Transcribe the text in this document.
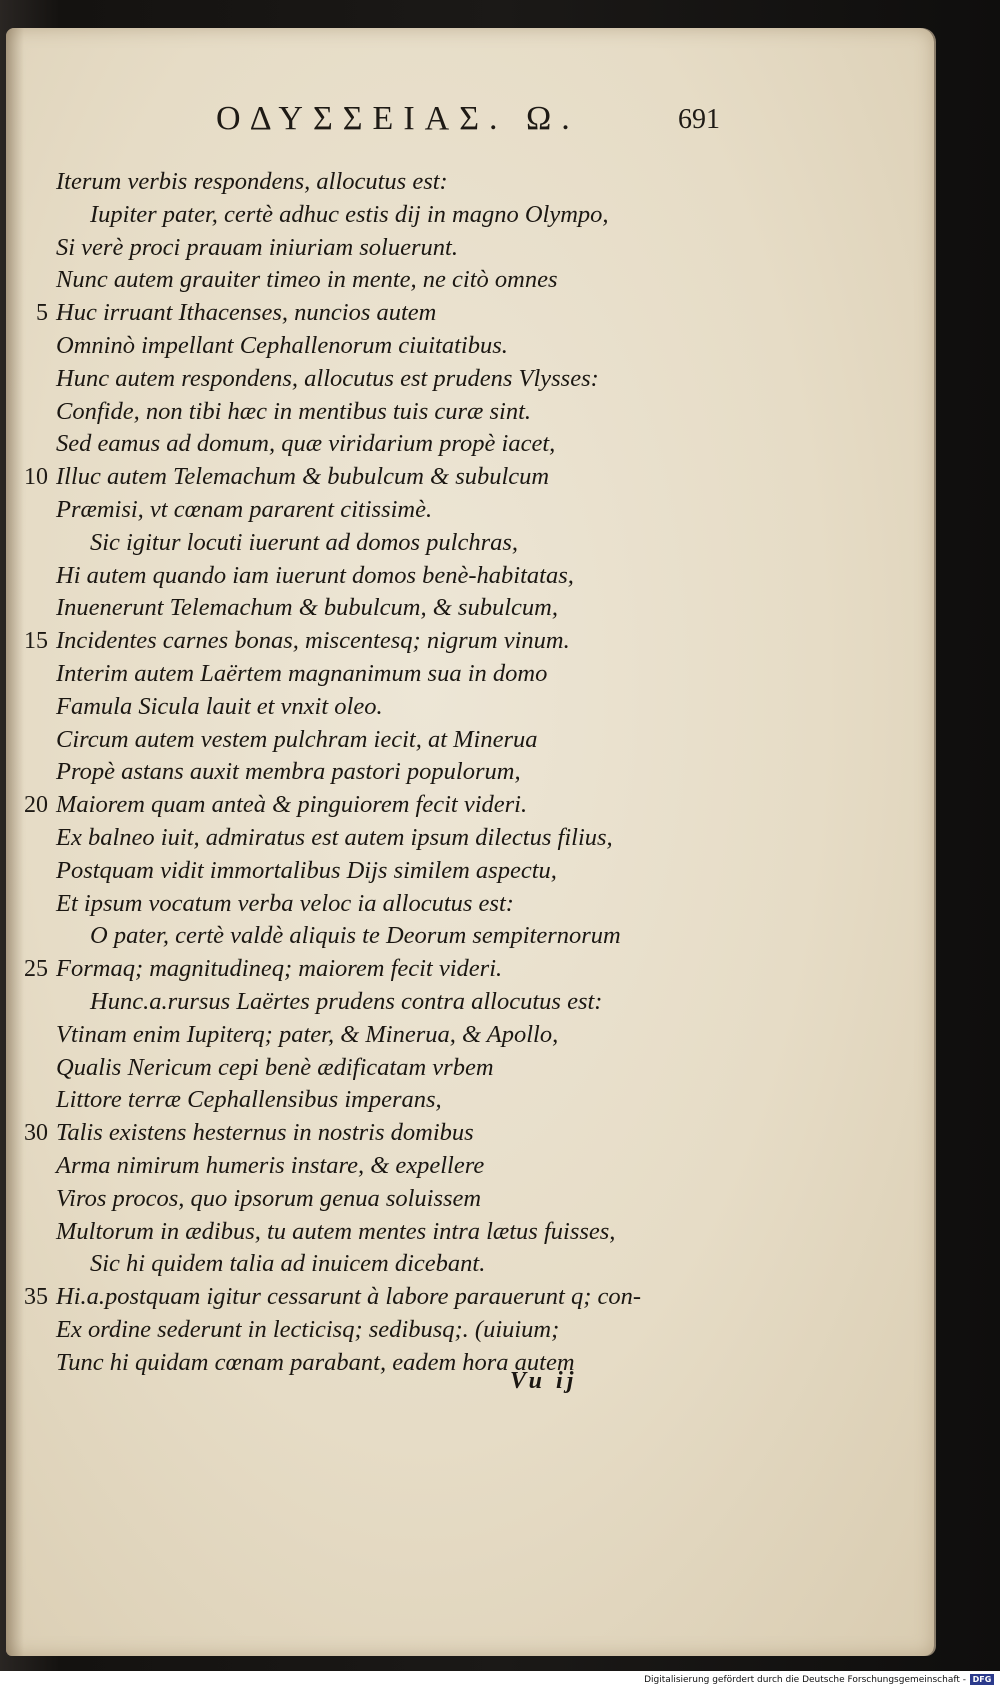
ΟΔΥΣΣΕΙΑΣ. Ω.	691
Iterum verbis respondens, allocutus est:
Iupiter pater, certè adhuc estis dij in magno Olympo,
Si verè proci prauam iniuriam soluerunt.
Nunc autem grauiter timeo in mente, ne citò omnes
5 Huc irruant Ithacenses, nuncios autem
Omninò impellant Cephallenorum ciuitatibus.
Hunc autem respondens, allocutus est prudens Vlysses:
Confide, non tibi hæc in mentibus tuis curæ sint.
Sed eamus ad domum, quæ viridarium propè iacet,
10 Illuc autem Telemachum & bubulcum & subulcum
Præmisi, vt cœnam pararent citissimè.
Sic igitur locuti iuerunt ad domos pulchras,
Hi autem quando iam iuerunt domos benè-habitatas,
Inuenerunt Telemachum & bubulcum, & subulcum,
15 Incidentes carnes bonas, miscentesq; nigrum vinum.
Interim autem Laërtem magnanimum sua in domo
Famula Sicula lauit et vnxit oleo.
Circum autem vestem pulchram iecit, at Minerua
Propè astans auxit membra pastori populorum,
20 Maiorem quam anteà & pinguiorem fecit videri.
Ex balneo iuit, admiratus est autem ipsum dilectus filius,
Postquam vidit immortalibus Dijs similem aspectu,
Et ipsum vocatum verba veloc ia allocutus est:
O pater, certè valdè aliquis te Deorum sempiternorum
25 Formaq; magnitudineq; maiorem fecit videri.
Hunc.a.rursus Laërtes prudens contra allocutus est:
Vtinam enim Iupiterq; pater, & Minerua, & Apollo,
Qualis Nericum cepi benè ædificatam vrbem
Littore terræ Cephallensibus imperans,
30 Talis existens hesternus in nostris domibus
Arma nimirum humeris instare, & expellere
Viros procos, quo ipsorum genua soluissem
Multorum in ædibus, tu autem mentes intra lætus fuisses,
Sic hi quidem talia ad inuicem dicebant.
35 Hi.a.postquam igitur cessarunt à labore parauerunt q; con-
Ex ordine sederunt in lecticisq; sedibusq;. (uiuium;
Tunc hi quidam cœnam parabant, eadem hora autem
Vu ij
Digitalisierung gefördert durch die Deutsche Forschungsgemeinschaft - DFG
